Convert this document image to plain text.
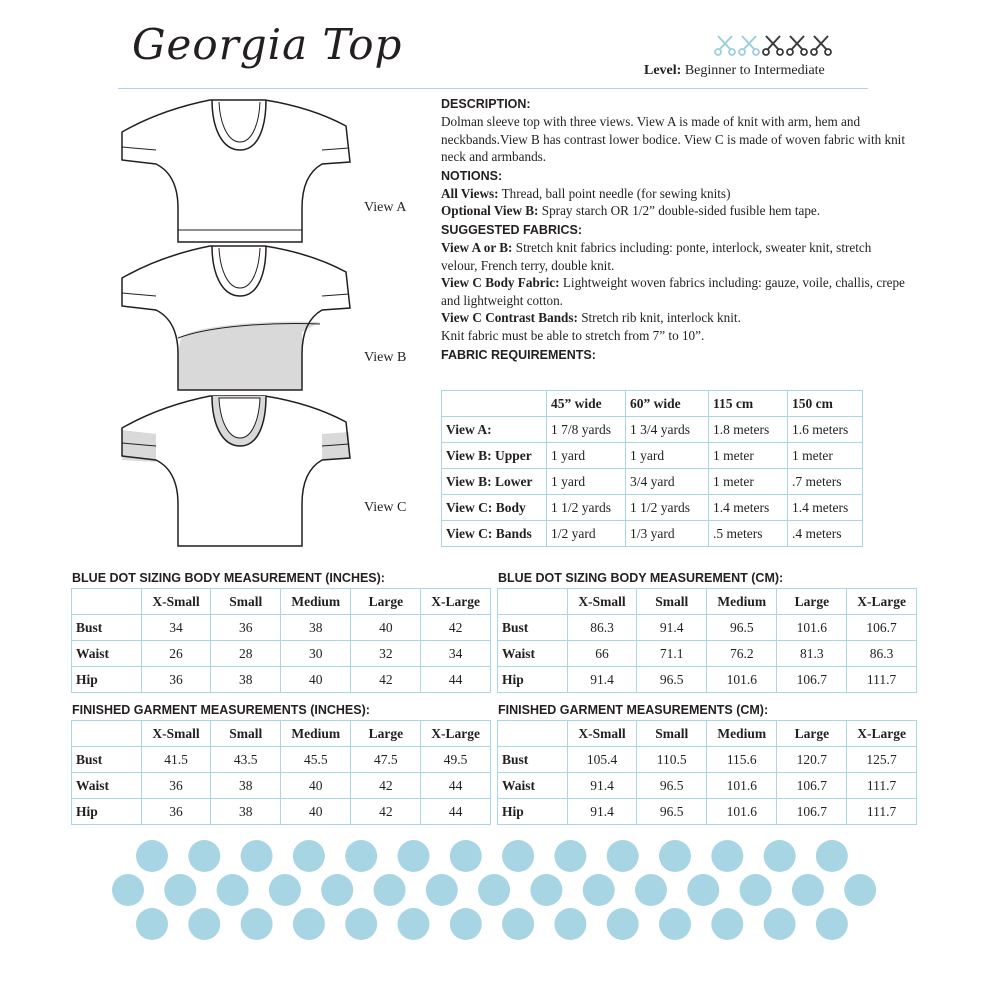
Georgia Top
Level: Beginner to Intermediate
View A
View B
View C
DESCRIPTION:

Dolman sleeve top with three views. View A is made of knit with arm, hem and neckbands.View B has contrast lower bodice. View C is made of woven fabric with knit neck and armbands.

NOTIONS:

All Views: Thread, ball point needle (for sewing knits)

Optional View B: Spray starch OR 1/2” double-sided fusible hem tape.

SUGGESTED FABRICS:

View A or B: Stretch knit fabrics including: ponte, interlock, sweater knit, stretch velour, French terry, double knit.

View C Body Fabric: Lightweight woven fabrics including: gauze, voile, challis, crepe and lightweight cotton.

View C Contrast Bands: Stretch rib knit, interlock knit.

Knit fabric must be able to stretch from 7” to 10”.

FABRIC REQUIREMENTS:
	45” wide	60” wide	115 cm	150 cm
View A:	1 7/8 yards	1 3/4 yards	1.8 meters	1.6 meters
View B: Upper	1 yard	1 yard	1 meter	1 meter
View B: Lower	1 yard	3/4 yard	1 meter	.7 meters
View C: Body	1 1/2 yards	1 1/2 yards	1.4 meters	1.4 meters
View C: Bands	1/2 yard	1/3 yard	.5 meters	.4 meters
BLUE DOT SIZING BODY MEASUREMENT (INCHES):	BLUE DOT SIZING BODY MEASUREMENT (CM):
FINISHED GARMENT MEASUREMENTS (INCHES):	FINISHED GARMENT MEASUREMENTS (CM):
	X-Small	Small	Medium	Large	X-Large
Bust	34	36	38	40	42
Waist	26	28	30	32	34
Hip	36	38	40	42	44
	X-Small	Small	Medium	Large	X-Large
Bust	86.3	91.4	96.5	101.6	106.7
Waist	66	71.1	76.2	81.3	86.3
Hip	91.4	96.5	101.6	106.7	111.7
	X-Small	Small	Medium	Large	X-Large
Bust	41.5	43.5	45.5	47.5	49.5
Waist	36	38	40	42	44
Hip	36	38	40	42	44
	X-Small	Small	Medium	Large	X-Large
Bust	105.4	110.5	115.6	120.7	125.7
Waist	91.4	96.5	101.6	106.7	111.7
Hip	91.4	96.5	101.6	106.7	111.7
